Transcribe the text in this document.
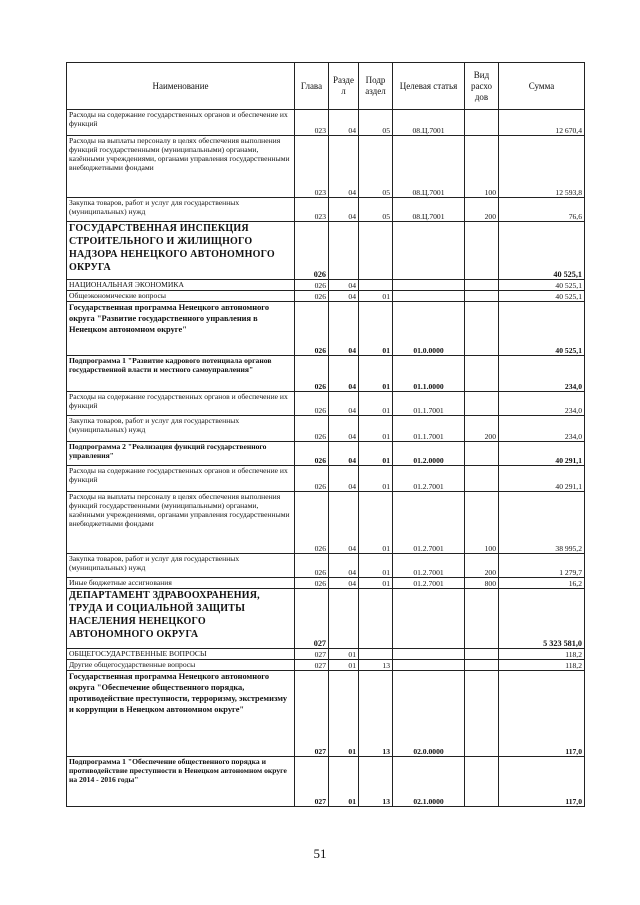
Наименование	Глава	Разде л	Подр аздел	Целевая статья	Вид расхо дов	Сумма
Расходы на содержание государственных органов и обеспечение их функций	023	04	05	08.Ц.7001		12 670,4
Расходы на выплаты персоналу в целях обеспечения выполнения функций государственными (муниципальными) органами, казёнными учреждениями, органами управления государственными внебюджетными фондами	023	04	05	08.Ц.7001	100	12 593,8
Закупка товаров, работ и услуг для государственных (муниципальных) нужд	023	04	05	08.Ц.7001	200	76,6
ГОСУДАРСТВЕННАЯ ИНСПЕКЦИЯ СТРОИТЕЛЬНОГО И ЖИЛИЩНОГО НАДЗОРА НЕНЕЦКОГО АВТОНОМНОГО ОКРУГА	026					40 525,1
НАЦИОНАЛЬНАЯ ЭКОНОМИКА	026	04				40 525,1
Общеэкономические вопросы	026	04	01			40 525,1
Государственная программа Ненецкого автономного округа "Развитие государственного управления в Ненецком автономном округе"	026	04	01	01.0.0000		40 525,1
Подпрограмма 1 "Развитие кадрового потенциала органов государственной власти и местного самоуправления"	026	04	01	01.1.0000		234,0
Расходы на содержание государственных органов и обеспечение их функций	026	04	01	01.1.7001		234,0
Закупка товаров, работ и услуг для государственных (муниципальных) нужд	026	04	01	01.1.7001	200	234,0
Подпрограмма 2 "Реализация функций государственного управления"	026	04	01	01.2.0000		40 291,1
Расходы на содержание государственных органов и обеспечение их функций	026	04	01	01.2.7001		40 291,1
Расходы на выплаты персоналу в целях обеспечения выполнения функций государственными (муниципальными) органами, казёнными учреждениями, органами управления государственными внебюджетными фондами	026	04	01	01.2.7001	100	38 995,2
Закупка товаров, работ и услуг для государственных (муниципальных) нужд	026	04	01	01.2.7001	200	1 279,7
Иные бюджетные ассигнования	026	04	01	01.2.7001	800	16,2
ДЕПАРТАМЕНТ ЗДРАВООХРАНЕНИЯ, ТРУДА И СОЦИАЛЬНОЙ ЗАЩИТЫ НАСЕЛЕНИЯ НЕНЕЦКОГО АВТОНОМНОГО ОКРУГА	027					5 323 581,0
ОБЩЕГОСУДАРСТВЕННЫЕ ВОПРОСЫ	027	01				118,2
Другие общегосударственные вопросы	027	01	13			118,2
Государственная программа Ненецкого автономного округа "Обеспечение общественного порядка, противодействие преступности, терроризму, экстремизму и коррупции в Ненецком автономном округе"	027	01	13	02.0.0000		117,0
Подпрограмма 1 "Обеспечение общественного порядка и противодействие преступности в Ненецком автономном округе на 2014 - 2016 годы"	027	01	13	02.1.0000		117,0
51
